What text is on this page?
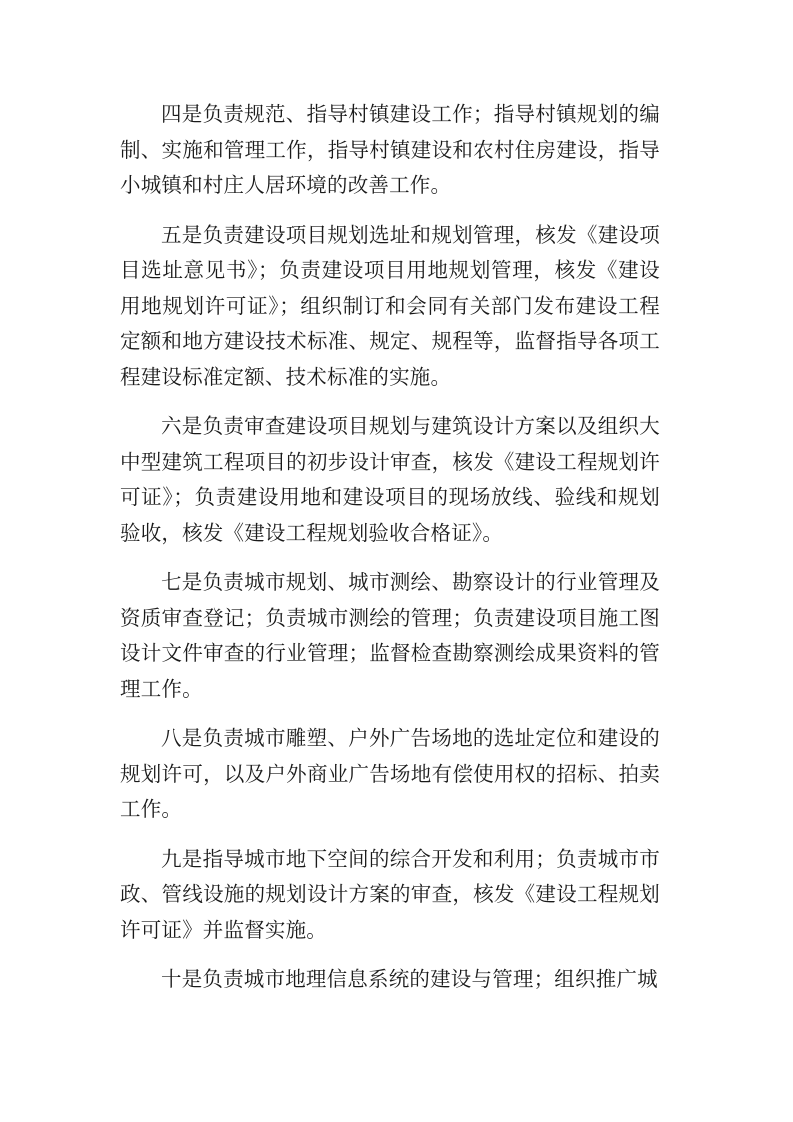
四是负责规范、指导村镇建设工作；指导村镇规划的编制、实施和管理工作，指导村镇建设和农村住房建设，指导小城镇和村庄人居环境的改善工作。

五是负责建设项目规划选址和规划管理，核发《建设项目选址意见书》；负责建设项目用地规划管理，核发《建设用地规划许可证》；组织制订和会同有关部门发布建设工程定额和地方建设技术标准、规定、规程等，监督指导各项工程建设标准定额、技术标准的实施。

六是负责审查建设项目规划与建筑设计方案以及组织大中型建筑工程项目的初步设计审查，核发《建设工程规划许可证》；负责建设用地和建设项目的现场放线、验线和规划验收，核发《建设工程规划验收合格证》。

七是负责城市规划、城市测绘、勘察设计的行业管理及资质审查登记；负责城市测绘的管理；负责建设项目施工图设计文件审查的行业管理；监督检查勘察测绘成果资料的管理工作。

八是负责城市雕塑、户外广告场地的选址定位和建设的规划许可，以及户外商业广告场地有偿使用权的招标、拍卖工作。

九是指导城市地下空间的综合开发和利用；负责城市市政、管线设施的规划设计方案的审查，核发《建设工程规划许可证》并监督实施。

十是负责城市地理信息系统的建设与管理；组织推广城
